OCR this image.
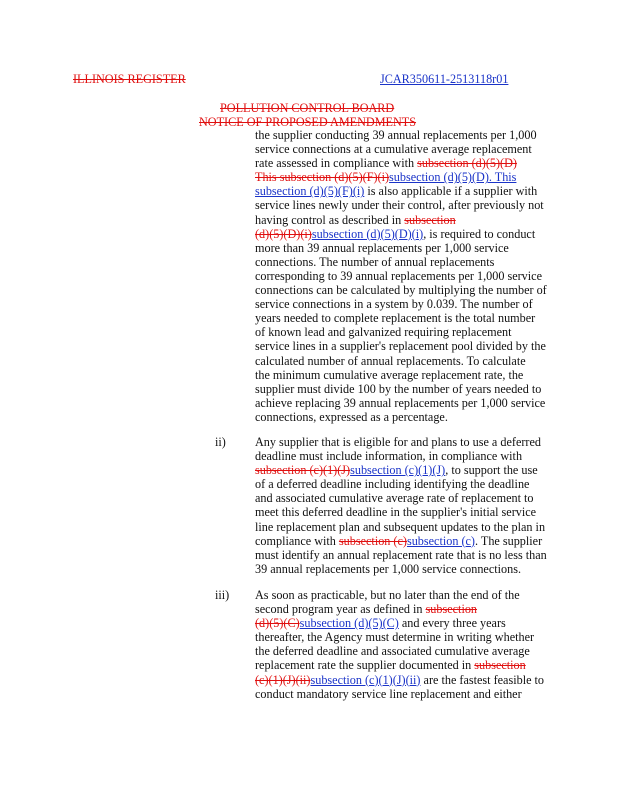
ILLINOIS REGISTER	JCAR350611-2513118r01
POLLUTION CONTROL BOARD
NOTICE OF PROPOSED AMENDMENTS
the supplier conducting 39 annual replacements per 1,000
service connections at a cumulative average replacement
rate assessed in compliance with subsection (d)(5)(D)
This subsection (d)(5)(F)(i)subsection (d)(5)(D). This
subsection (d)(5)(F)(i) is also applicable if a supplier with
service lines newly under their control, after previously not
having control as described in subsection
(d)(5)(D)(i)subsection (d)(5)(D)(i), is required to conduct
more than 39 annual replacements per 1,000 service
connections. The number of annual replacements
corresponding to 39 annual replacements per 1,000 service
connections can be calculated by multiplying the number of
service connections in a system by 0.039. The number of
years needed to complete replacement is the total number
of known lead and galvanized requiring replacement
service lines in a supplier's replacement pool divided by the
calculated number of annual replacements. To calculate
the minimum cumulative average replacement rate, the
supplier must divide 100 by the number of years needed to
achieve replacing 39 annual replacements per 1,000 service
connections, expressed as a percentage.
ii) Any supplier that is eligible for and plans to use a deferred
deadline must include information, in compliance with
subsection (c)(1)(J)subsection (c)(1)(J), to support the use
of a deferred deadline including identifying the deadline
and associated cumulative average rate of replacement to
meet this deferred deadline in the supplier's initial service
line replacement plan and subsequent updates to the plan in
compliance with subsection (c)subsection (c). The supplier
must identify an annual replacement rate that is no less than
39 annual replacements per 1,000 service connections.
iii) As soon as practicable, but no later than the end of the
second program year as defined in subsection
(d)(5)(C)subsection (d)(5)(C) and every three years
thereafter, the Agency must determine in writing whether
the deferred deadline and associated cumulative average
replacement rate the supplier documented in subsection
(c)(1)(J)(ii)subsection (c)(1)(J)(ii) are the fastest feasible to
conduct mandatory service line replacement and either
